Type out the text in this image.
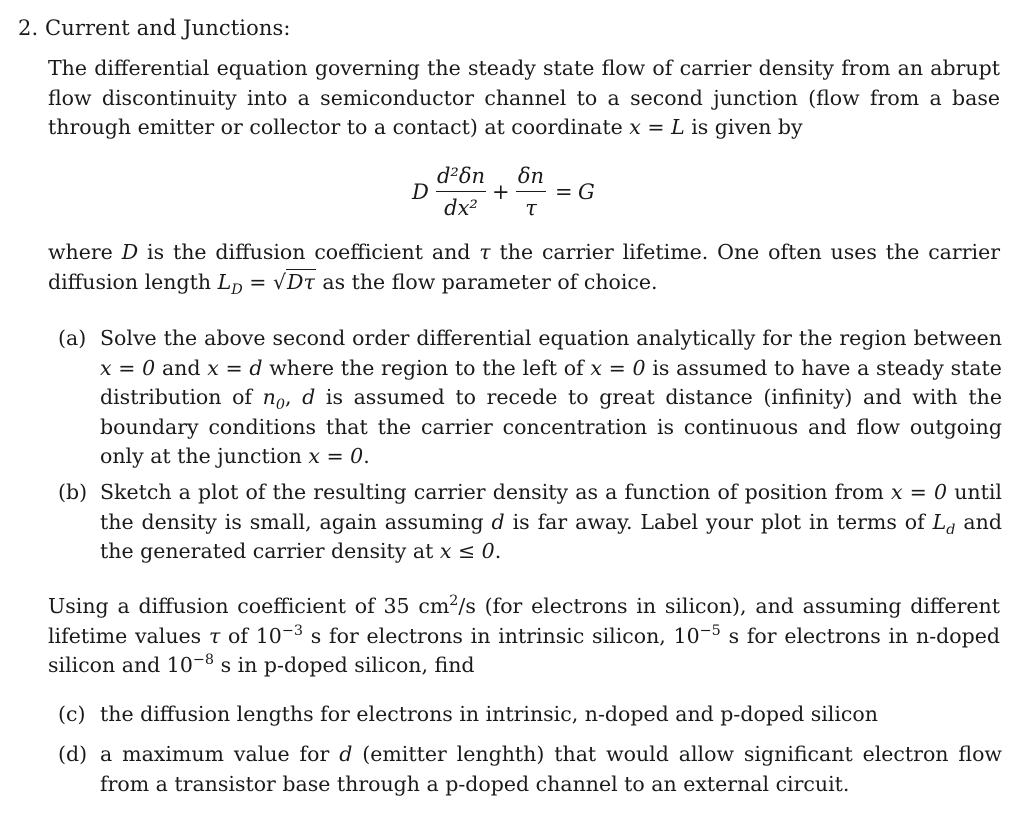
2. Current and Junctions:
The differential equation governing the steady state flow of carrier density from an abrupt flow discontinuity into a semiconductor channel to a second junction (flow from a base through emitter or collector to a contact) at coordinate x = L is given by
D
d²δn
dx²
+
δn
τ
= G
where D is the diffusion coefficient and τ the carrier lifetime. One often uses the carrier diffusion length $L_D = √D\tau$ as the flow parameter of choice.
(a) Solve the above second order differential equation analytically for the region between x = 0 and x = d where the region to the left of x = 0 is assumed to have a steady state distribution of $n_0$, d is assumed to recede to great distance (infinity) and with the boundary conditions that the carrier concentration is continuous and flow outgoing only at the junction x = 0.
(b) Sketch a plot of the resulting carrier density as a function of position from x = 0 until the density is small, again assuming d is far away. Label your plot in terms of $L_d$ and the generated carrier density at x ≤ 0.
Using a diffusion coefficient of 35 $cm^2/s$ (for electrons in silicon), and assuming different lifetime values τ of $10^{-3}$ s for electrons in intrinsic silicon, $10^{-5}$ s for electrons in n-doped silicon and $10^{-8}$ s in p-doped silicon, find
(c) the diffusion lengths for electrons in intrinsic, n-doped and p-doped silicon
(d) a maximum value for d (emitter lenghth) that would allow significant electron flow from a transistor base through a p-doped channel to an external circuit.
